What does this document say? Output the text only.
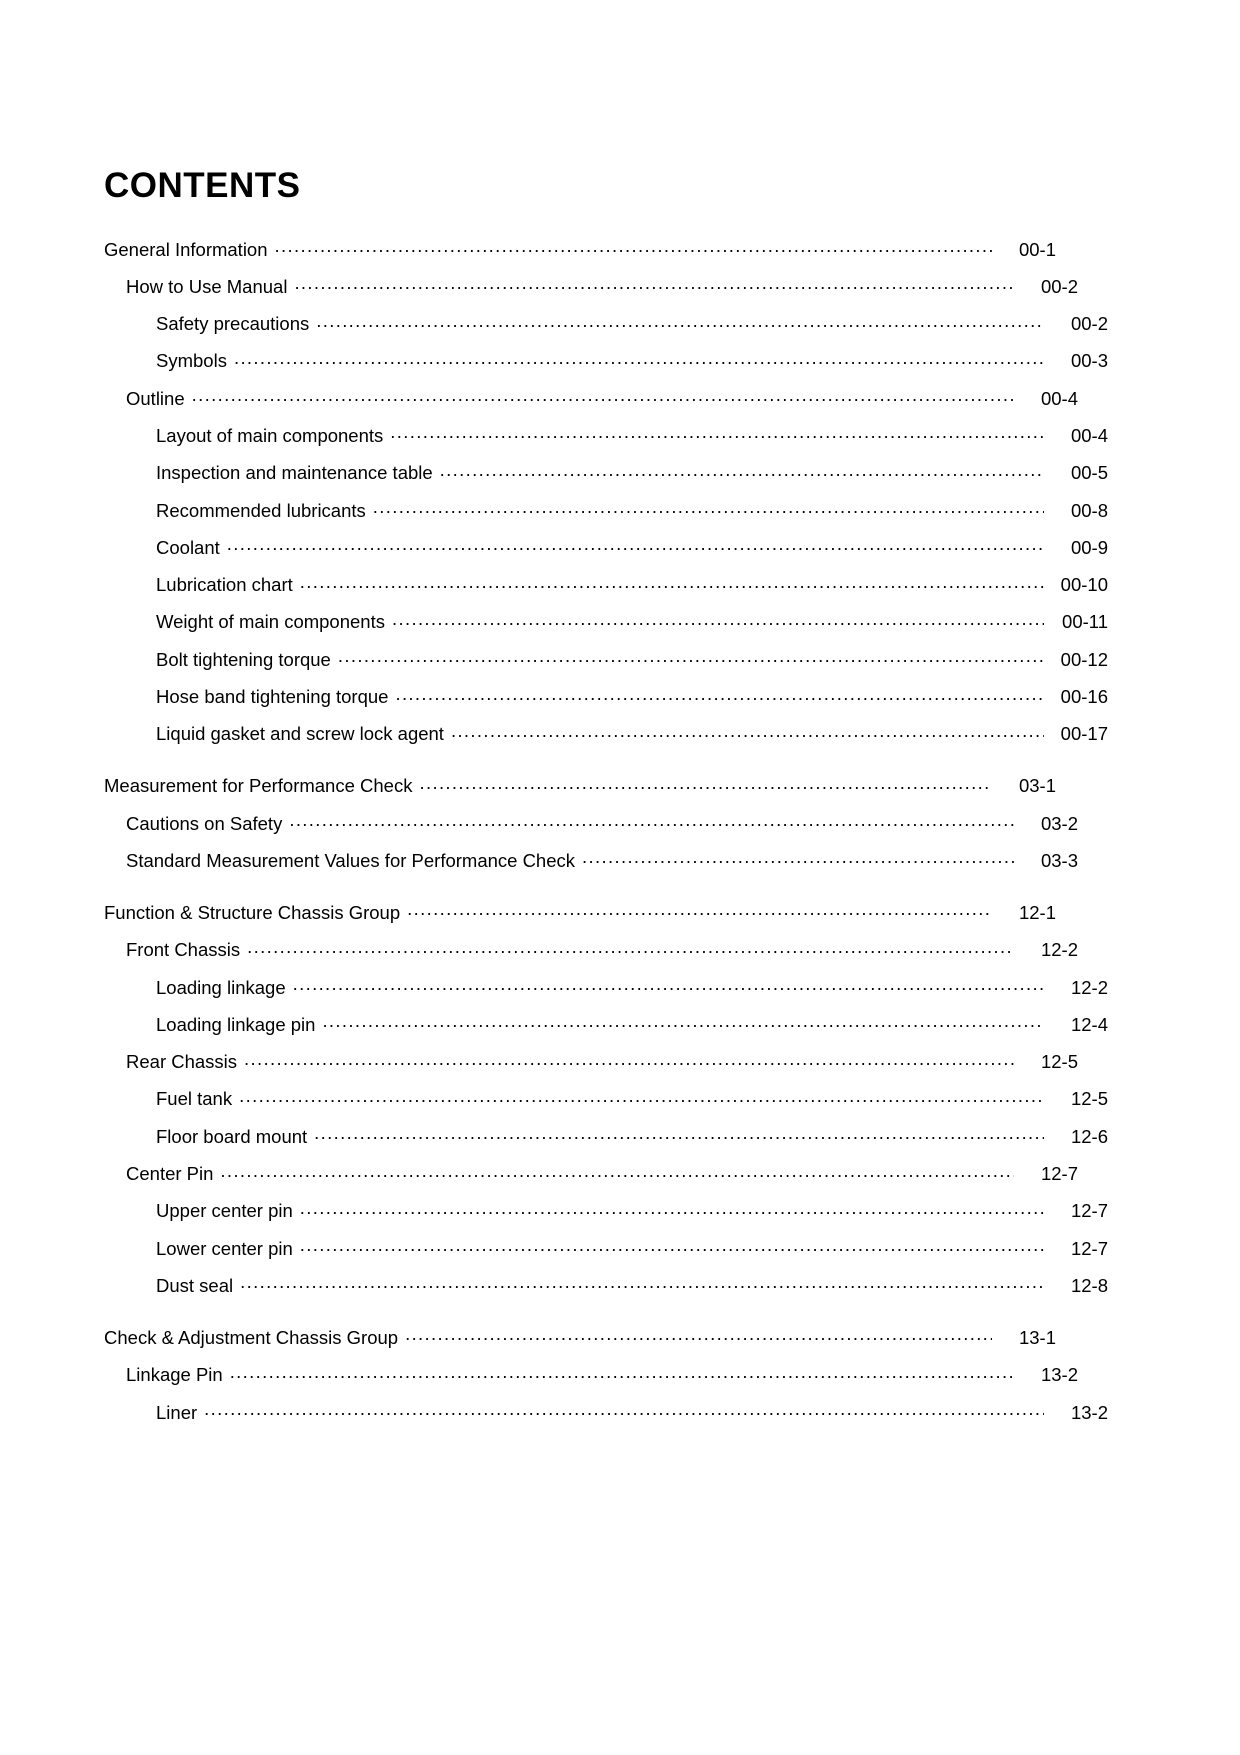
CONTENTS
General Information .....	00-1
How to Use Manual .....	00-2
Safety precautions .....	00-2
Symbols .....	00-3
Outline .....	00-4
Layout of main components .....	00-4
Inspection and maintenance table .....	00-5
Recommended lubricants .....	00-8
Coolant .....	00-9
Lubrication chart .....	00-10
Weight of main components .....	00-11
Bolt tightening torque .....	00-12
Hose band tightening torque .....	00-16
Liquid gasket and screw lock agent .....	00-17
Measurement for Performance Check .....	03-1
Cautions on Safety .....	03-2
Standard Measurement Values for Performance Check .....	03-3
Function & Structure Chassis Group .....	12-1
Front Chassis .....	12-2
Loading linkage .....	12-2
Loading linkage pin .....	12-4
Rear Chassis .....	12-5
Fuel tank .....	12-5
Floor board mount .....	12-6
Center Pin .....	12-7
Upper center pin .....	12-7
Lower center pin .....	12-7
Dust seal .....	12-8
Check & Adjustment Chassis Group .....	13-1
Linkage Pin .....	13-2
Liner .....	13-2
